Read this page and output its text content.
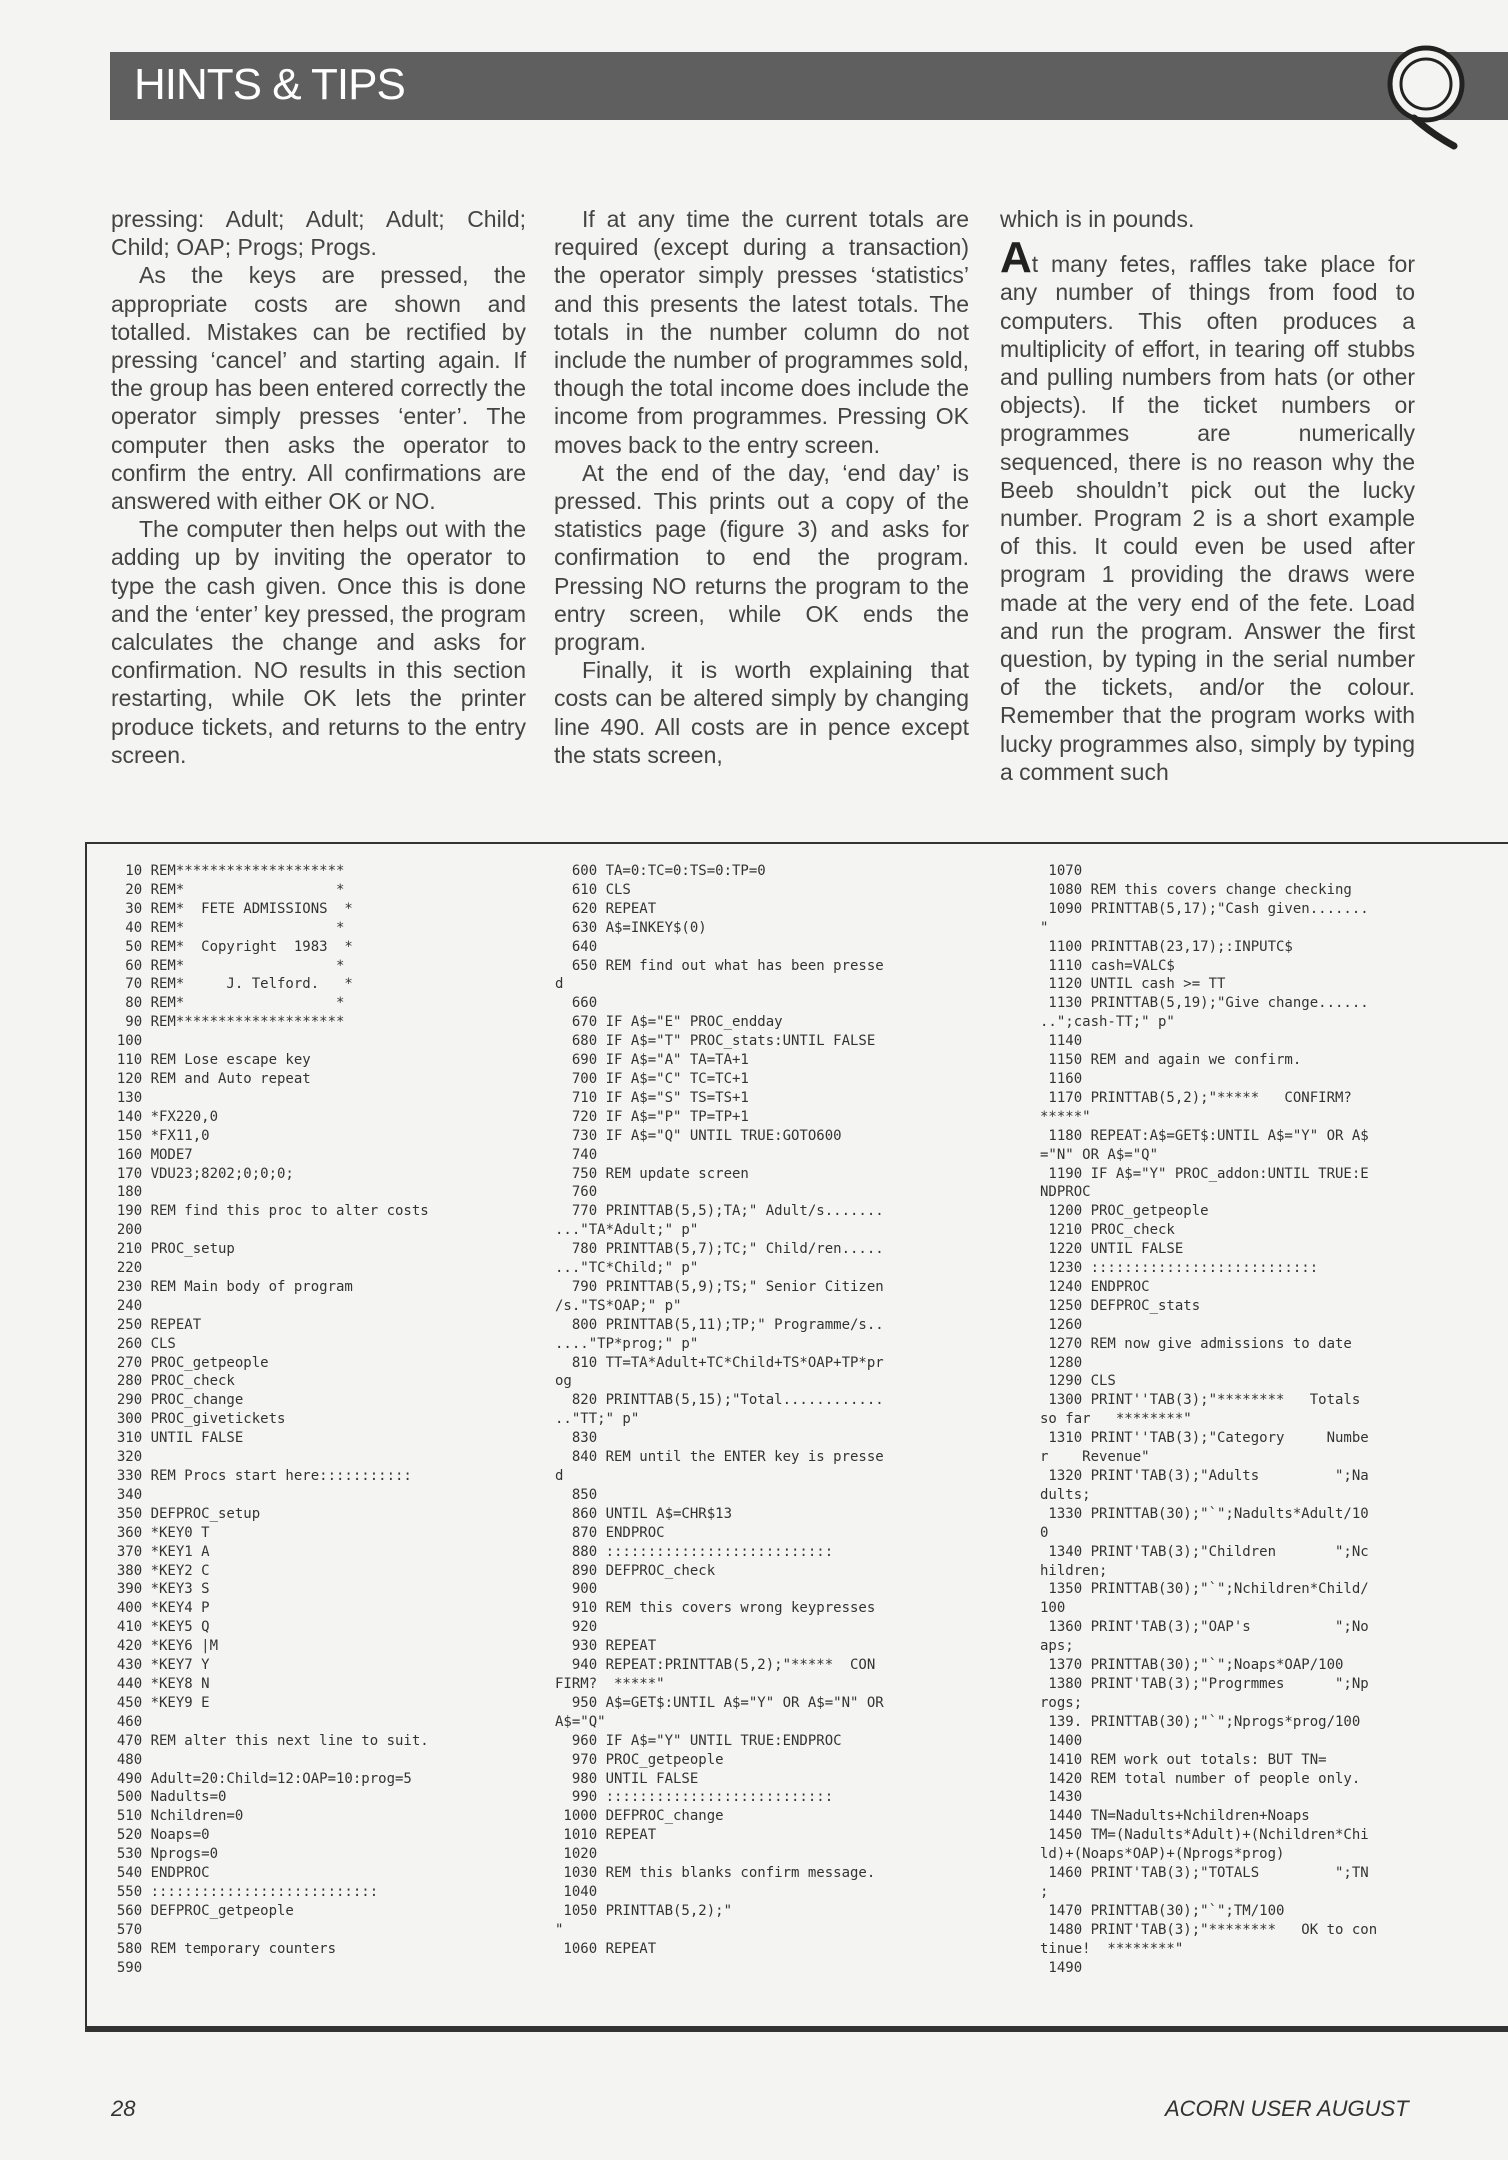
HINTS & TIPS

pressing: Adult; Adult; Adult; Child; Child; OAP; Progs; Progs.

As the keys are pressed, the appropriate costs are shown and totalled. Mistakes can be rectified by pressing ‘cancel’ and starting again. If the group has been entered correctly the operator simply presses ‘enter’. The computer then asks the operator to confirm the entry. All confirmations are answered with either OK or NO.

The computer then helps out with the adding up by inviting the operator to type the cash given. Once this is done and the ‘enter’ key pressed, the program calculates the change and asks for confirmation. NO results in this section restarting, while OK lets the printer produce tickets, and returns to the entry screen.

If at any time the current totals are required (except during a transaction) the operator simply presses ‘statistics’ and this presents the latest totals. The totals in the number column do not include the number of programmes sold, though the total income does include the income from programmes. Pressing OK moves back to the entry screen.

At the end of the day, ‘end day’ is pressed. This prints out a copy of the statistics page (figure 3) and asks for confirmation to end the program. Pressing NO returns the program to the entry screen, while OK ends the program.

Finally, it is worth explaining that costs can be altered simply by changing line 490. All costs are in pence except the stats screen,

which is in pounds.

At many fetes, raffles take place for any number of things from food to computers. This often produces a multiplicity of effort, in tearing off stubbs and pulling numbers from hats (or other objects). If the ticket numbers or programmes are numerically sequenced, there is no reason why the Beeb shouldn’t pick out the lucky number. Program 2 is a short example of this. It could even be used after program 1 providing the draws were made at the very end of the fete. Load and run the program. Answer the first question, by typing in the serial number of the tickets, and/or the colour. Remember that the program works with lucky programmes also, simply by typing a comment such

10 REM********************
20 REM*                  *
30 REM*  FETE ADMISSIONS  *
40 REM*                  *
50 REM*  Copyright  1983  *
60 REM*                  *
70 REM*     J. Telford.   *
80 REM*                  *
90 REM********************
100
110 REM Lose escape key
120 REM and Auto repeat
130
140 *FX220,0
150 *FX11,0
160 MODE7
170 VDU23;8202;0;0;0;
180
190 REM find this proc to alter costs
200
210 PROC_setup
220
230 REM Main body of program
240
250 REPEAT
260 CLS
270 PROC_getpeople
280 PROC_check
290 PROC_change
300 PROC_givetickets
310 UNTIL FALSE
320
330 REM Procs start here:::::::::::
340
350 DEFPROC_setup
360 *KEY0 T
370 *KEY1 A
380 *KEY2 C
390 *KEY3 S
400 *KEY4 P
410 *KEY5 Q
420 *KEY6 |M
430 *KEY7 Y
440 *KEY8 N
450 *KEY9 E
460
470 REM alter this next line to suit.
480
490 Adult=20:Child=12:OAP=10:prog=5
500 Nadults=0
510 Nchildren=0
520 Noaps=0
530 Nprogs=0
540 ENDPROC
550 :::::::::::::::::::::::::::
560 DEFPROC_getpeople
570
580 REM temporary counters
590
600 TA=0:TC=0:TS=0:TP=0
610 CLS
620 REPEAT
630 A$=INKEY$(0)
640
650 REM find out what has been presse
d
660
670 IF A$="E" PROC_endday
680 IF A$="T" PROC_stats:UNTIL FALSE
690 IF A$="A" TA=TA+1
700 IF A$="C" TC=TC+1
710 IF A$="S" TS=TS+1
720 IF A$="P" TP=TP+1
730 IF A$="Q" UNTIL TRUE:GOTO600
740
750 REM update screen
760
770 PRINTTAB(5,5);TA;" Adult/s.......
..."TA*Adult;" p"
780 PRINTTAB(5,7);TC;" Child/ren.....
..."TC*Child;" p"
790 PRINTTAB(5,9);TS;" Senior Citizen
/s."TS*OAP;" p"
800 PRINTTAB(5,11);TP;" Programme/s..
...."TP*prog;" p"
810 TT=TA*Adult+TC*Child+TS*OAP+TP*pr
og
820 PRINTTAB(5,15);"Total............
.."TT;" p"
830
840 REM until the ENTER key is presse
d
850
860 UNTIL A$=CHR$13
870 ENDPROC
880 :::::::::::::::::::::::::::
890 DEFPROC_check
900
910 REM this covers wrong keypresses
920
930 REPEAT
940 REPEAT:PRINTTAB(5,2);"*****  CON
FIRM?  *****"
950 A$=GET$:UNTIL A$="Y" OR A$="N" OR
A$="Q"
960 IF A$="Y" UNTIL TRUE:ENDPROC
970 PROC_getpeople
980 UNTIL FALSE
990 :::::::::::::::::::::::::::
1000 DEFPROC_change
1010 REPEAT
1020
1030 REM this blanks confirm message.
1040
1050 PRINTTAB(5,2);"
"
1060 REPEAT
1070
1080 REM this covers change checking
1090 PRINTTAB(5,17);"Cash given.......
"
1100 PRINTTAB(23,17);:INPUTC$
1110 cash=VALC$
1120 UNTIL cash >= TT
1130 PRINTTAB(5,19);"Give change......
..";cash-TT;" p"
1140
1150 REM and again we confirm.
1160
1170 PRINTTAB(5,2);"*****   CONFIRM?
*****"
1180 REPEAT:A$=GET$:UNTIL A$="Y" OR A$
="N" OR A$="Q"
1190 IF A$="Y" PROC_addon:UNTIL TRUE:E
NDPROC
1200 PROC_getpeople
1210 PROC_check
1220 UNTIL FALSE
1230 :::::::::::::::::::::::::::
1240 ENDPROC
1250 DEFPROC_stats
1260
1270 REM now give admissions to date
1280
1290 CLS
1300 PRINT''TAB(3);"********   Totals
so far   ********"
1310 PRINT''TAB(3);"Category     Numbe
r    Revenue"
1320 PRINT'TAB(3);"Adults         ";Na
dults;
1330 PRINTTAB(30);"`";Nadults*Adult/10
0
1340 PRINT'TAB(3);"Children       ";Nc
hildren;
1350 PRINTTAB(30);"`";Nchildren*Child/
100
1360 PRINT'TAB(3);"OAP's          ";No
aps;
1370 PRINTTAB(30);"`";Noaps*OAP/100
1380 PRINT'TAB(3);"Progrmmes      ";Np
rogs;
139. PRINTTAB(30);"`";Nprogs*prog/100
1400
1410 REM work out totals: BUT TN=
1420 REM total number of people only.
1430
1440 TN=Nadults+Nchildren+Noaps
1450 TM=(Nadults*Adult)+(Nchildren*Chi
ld)+(Noaps*OAP)+(Nprogs*prog)
1460 PRINT'TAB(3);"TOTALS         ";TN
;
1470 PRINTTAB(30);"`";TM/100
1480 PRINT'TAB(3);"********   OK to con
tinue!  ********"
1490
28	ACORN USER AUGUST
